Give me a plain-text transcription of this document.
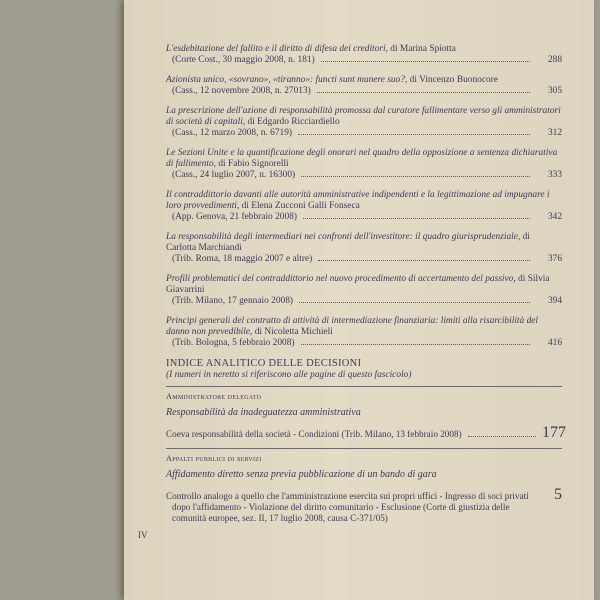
L'esdebitazione del fallito e il diritto di difesa dei creditori, di Marina Spiotta
(Corte Cost., 30 maggio 2008, n. 181)	288
Azionista unico, «sovrano», «tiranno»: functi sunt munere suo?, di Vincenzo Buonocore
(Cass., 12 novembre 2008, n. 27013)	305
La prescrizione dell'azione di responsabilità promossa dal curatore fallimentare verso gli amministratori di società di capitali, di Edgardo Ricciardiello
(Cass., 12 marzo 2008, n. 6719)	312
Le Sezioni Unite e la quantificazione degli onorari nel quadro della opposizione a sentenza dichiarativa di fallimento, di Fabio Signorelli
(Cass., 24 luglio 2007, n. 16300)	333
Il contraddittorio davanti alle autorità amministrative indipendenti e la legittimazione ad impugnare i loro provvedimenti, di Elena Zucconi Galli Fonseca
(App. Genova, 21 febbraio 2008)	342
La responsabilità degli intermediari nei confronti dell'investitore: il quadro giurisprudenziale, di Carlotta Marchiandi
(Trib. Roma, 18 maggio 2007 e altre)	376
Profili problematici del contraddittorio nel nuovo procedimento di accertamento del passivo, di Silvia Giavarrini
(Trib. Milano, 17 gennaio 2008)	394
Principi generali del contratto di attività di intermediazione finanziaria: limiti alla risarcibilità del danno non prevedibile, di Nicoletta Michieli
(Trib. Bologna, 5 febbraio 2008)	416
INDICE ANALITICO DELLE DECISIONI
(I numeri in neretto si riferiscono alle pagine di questo fascicolo)
Amministratore delegato
Responsabilità da inadeguatezza amministrativa
Coeva responsabilità della società - Condizioni (Trib. Milano, 13 febbraio 2008)	177
Appalti pubblici di servizi
Affidamento diretto senza previa pubblicazione di un bando di gara
Controllo analogo a quello che l'amministrazione esercita sui propri uffici - Ingresso di soci privati dopo l'affidamento - Violazione del diritto comunitario - Esclusione (Corte di giustizia delle comunità europee, sez. II, 17 luglio 2008, causa C-371/05)
5
IV
